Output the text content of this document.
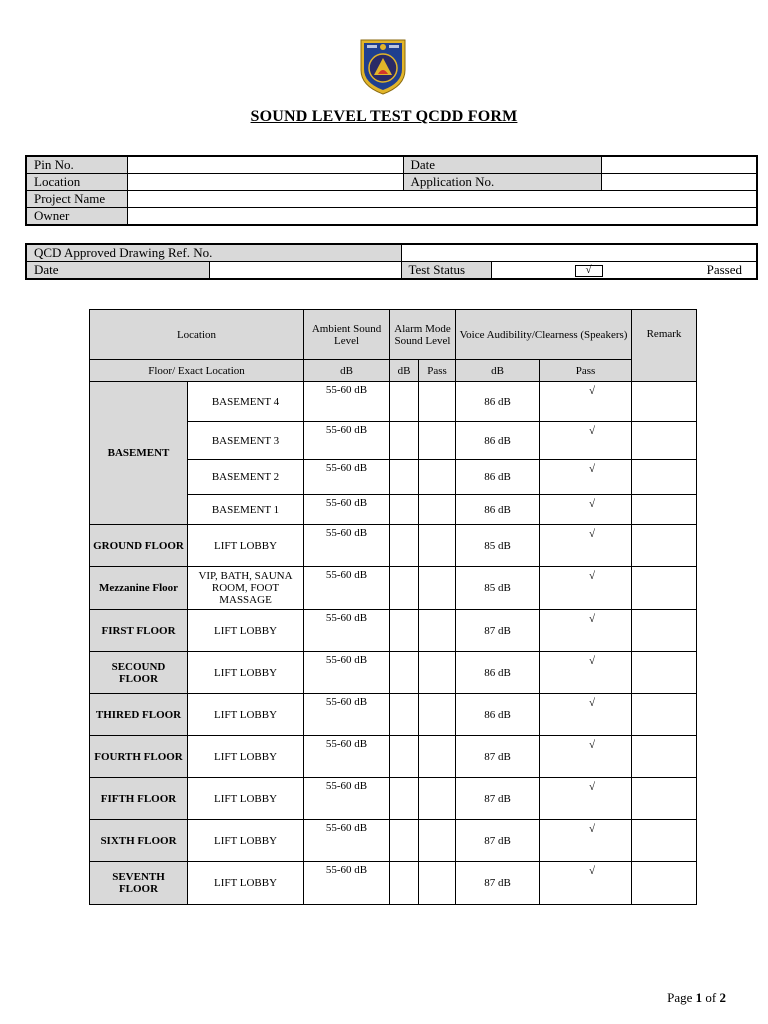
SOUND LEVEL TEST QCDD FORM
Pin No.		Date	
Location		Application No.	
Project Name			
Owner			
QCD Approved Drawing Ref. No.			
Date		Test Status	√ Passed
Location		Ambient Sound Level	Alarm Mode Sound Level		Voice Audibility/Clearness (Speakers)		Remark
Floor/ Exact Location		dB	dB	Pass	dB	Pass	
BASEMENT	BASEMENT 4	55-60 dB			86 dB	√	
	BASEMENT 3	55-60 dB			86 dB	√	
	BASEMENT 2	55-60 dB			86 dB	√	
	BASEMENT 1	55-60 dB			86 dB	√	
GROUND FLOOR	LIFT LOBBY	55-60 dB			85 dB	√	
Mezzanine Floor	VIP, BATH, SAUNA ROOM, FOOT MASSAGE	55-60 dB			85 dB	√	
FIRST FLOOR	LIFT LOBBY	55-60 dB			87 dB	√	
SECOUND FLOOR	LIFT LOBBY	55-60 dB			86 dB	√	
THIRED FLOOR	LIFT LOBBY	55-60 dB			86 dB	√	
FOURTH FLOOR	LIFT LOBBY	55-60 dB			87 dB	√	
FIFTH FLOOR	LIFT LOBBY	55-60 dB			87 dB	√	
SIXTH FLOOR	LIFT LOBBY	55-60 dB			87 dB	√	
SEVENTH FLOOR	LIFT LOBBY	55-60 dB			87 dB	√	
Page 1 of 2
